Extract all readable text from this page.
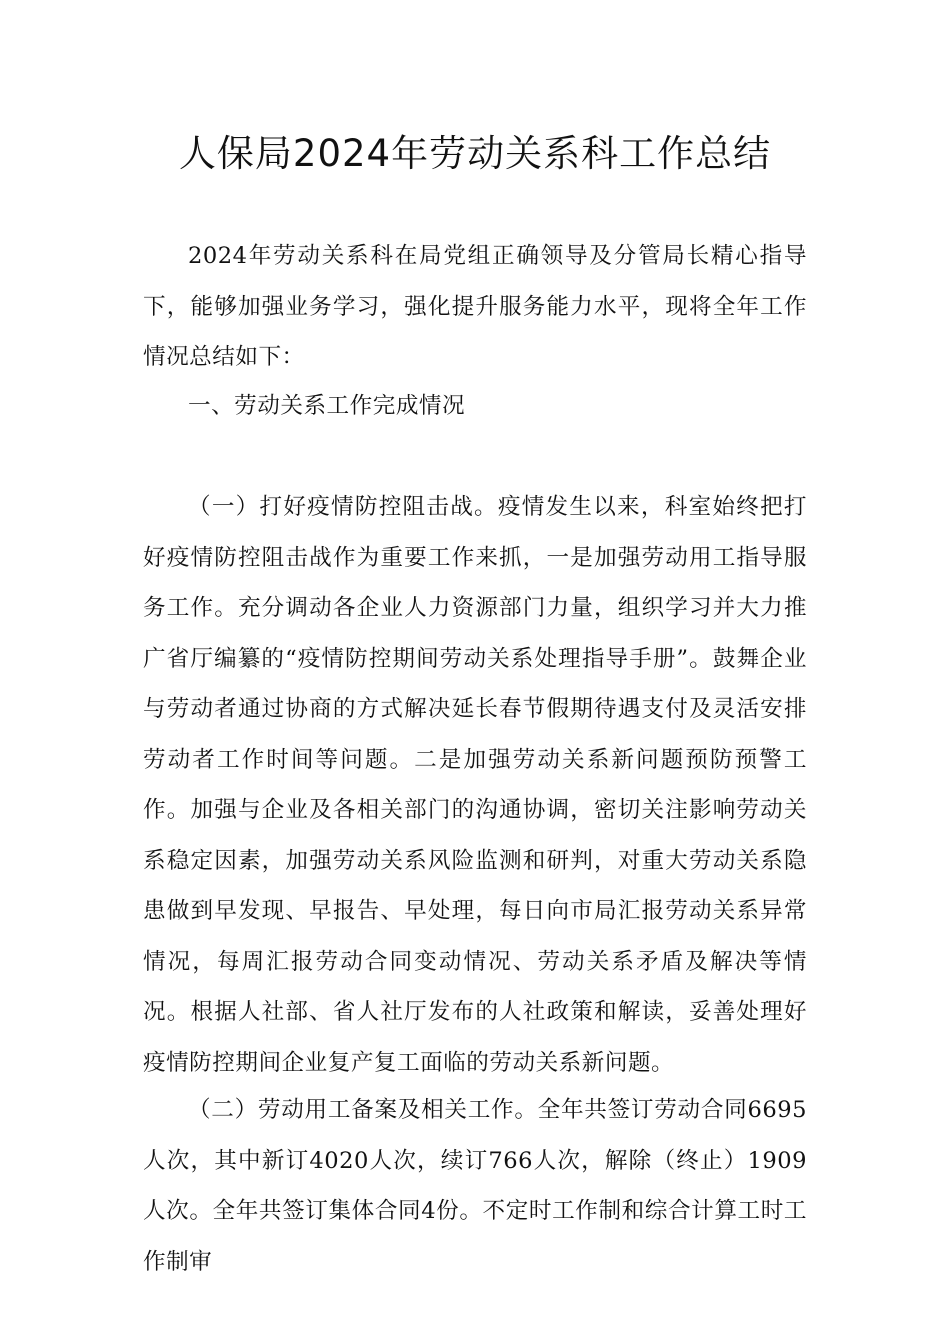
人保局2024年劳动关系科工作总结

2024年劳动关系科在局党组正确领导及分管局长精心指导下，能够加强业务学习，强化提升服务能力水平，现将全年工作情况总结如下：

一、劳动关系工作完成情况

（一）打好疫情防控阻击战。疫情发生以来，科室始终把打好疫情防控阻击战作为重要工作来抓，一是加强劳动用工指导服务工作。充分调动各企业人力资源部门力量，组织学习并大力推广省厅编纂的“疫情防控期间劳动关系处理指导手册”。鼓舞企业与劳动者通过协商的方式解决延长春节假期待遇支付及灵活安排劳动者工作时间等问题。二是加强劳动关系新问题预防预警工作。加强与企业及各相关部门的沟通协调，密切关注影响劳动关系稳定因素，加强劳动关系风险监测和研判，对重大劳动关系隐患做到早发现、早报告、早处理，每日向市局汇报劳动关系异常情况，每周汇报劳动合同变动情况、劳动关系矛盾及解决等情况。根据人社部、省人社厅发布的人社政策和解读，妥善处理好疫情防控期间企业复产复工面临的劳动关系新问题。

（二）劳动用工备案及相关工作。全年共签订劳动合同6695人次，其中新订4020人次，续订766人次，解除（终止）1909人次。全年共签订集体合同4份。不定时工作制和综合计算工时工作制审
